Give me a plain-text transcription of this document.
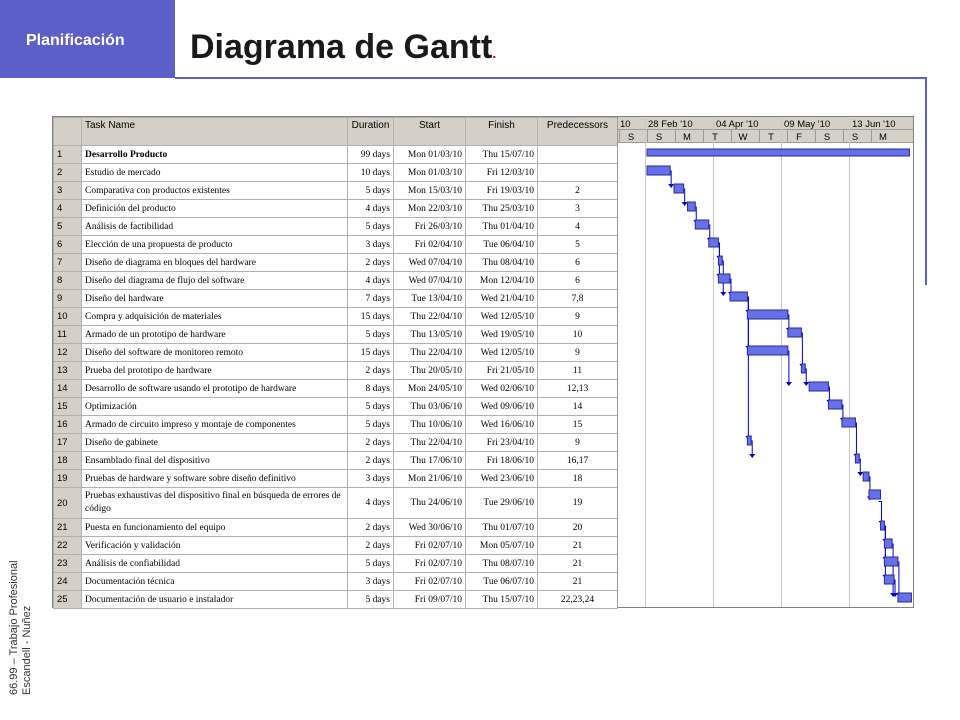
Planificación	Diagrama de Gantt.
66.99 – Trabajo Profesional Escandell - Nuñez
	Task Name	Duration	Start	Finish	Predecessors
1	Desarrollo Producto	99 days	Mon 01/03/10	Thu 15/07/10	
2	Estudio de mercado	10 days	Mon 01/03/10	Fri 12/03/10	
3	Comparativa con productos existentes	5 days	Mon 15/03/10	Fri 19/03/10	2
4	Definición del producto	4 days	Mon 22/03/10	Thu 25/03/10	3
5	Análisis de factibilidad	5 days	Fri 26/03/10	Thu 01/04/10	4
6	Elección de una propuesta de producto	3 days	Fri 02/04/10	Tue 06/04/10	5
7	Diseño de diagrama en bloques del hardware	2 days	Wed 07/04/10	Thu 08/04/10	6
8	Diseño del diagrama de flujo del software	4 days	Wed 07/04/10	Mon 12/04/10	6
9	Diseño del hardware	7 days	Tue 13/04/10	Wed 21/04/10	7,8
10	Compra y adquisición de materiales	15 days	Thu 22/04/10	Wed 12/05/10	9
11	Armado de un prototipo de hardware	5 days	Thu 13/05/10	Wed 19/05/10	10
12	Diseño del software de monitoreo remoto	15 days	Thu 22/04/10	Wed 12/05/10	9
13	Prueba del prototipo de hardware	2 days	Thu 20/05/10	Fri 21/05/10	11
14	Desarrollo de software usando el prototipo de hardware	8 days	Mon 24/05/10	Wed 02/06/10	12,13
15	Optimización	5 days	Thu 03/06/10	Wed 09/06/10	14
16	Armado de circuito impreso y montaje de componentes	5 days	Thu 10/06/10	Wed 16/06/10	15
17	Diseño de gabinete	2 days	Thu 22/04/10	Fri 23/04/10	9
18	Ensamblado final del dispositivo	2 days	Thu 17/06/10	Fri 18/06/10	16,17
19	Pruebas de hardware y software sobre diseño definitivo	3 days	Mon 21/06/10	Wed 23/06/10	18
20	Pruebas exhaustivas del dispositivo final en búsqueda de errores de código	4 days	Thu 24/06/10	Tue 29/06/10	19
21	Puesta en funcionamiento del equipo	2 days	Wed 30/06/10	Thu 01/07/10	20
22	Verificación y validación	2 days	Fri 02/07/10	Mon 05/07/10	21
23	Análisis de confiabilidad	5 days	Fri 02/07/10	Thu 08/07/10	21
24	Documentación técnica	3 days	Fri 02/07/10	Tue 06/07/10	21
25	Documentación de usuario e instalador	5 days	Fri 09/07/10	Thu 15/07/10	22,23,24
10 28 Feb '10 04 Apr '10	09 May '10 13 Jun '10
S S M T W T F S S M
